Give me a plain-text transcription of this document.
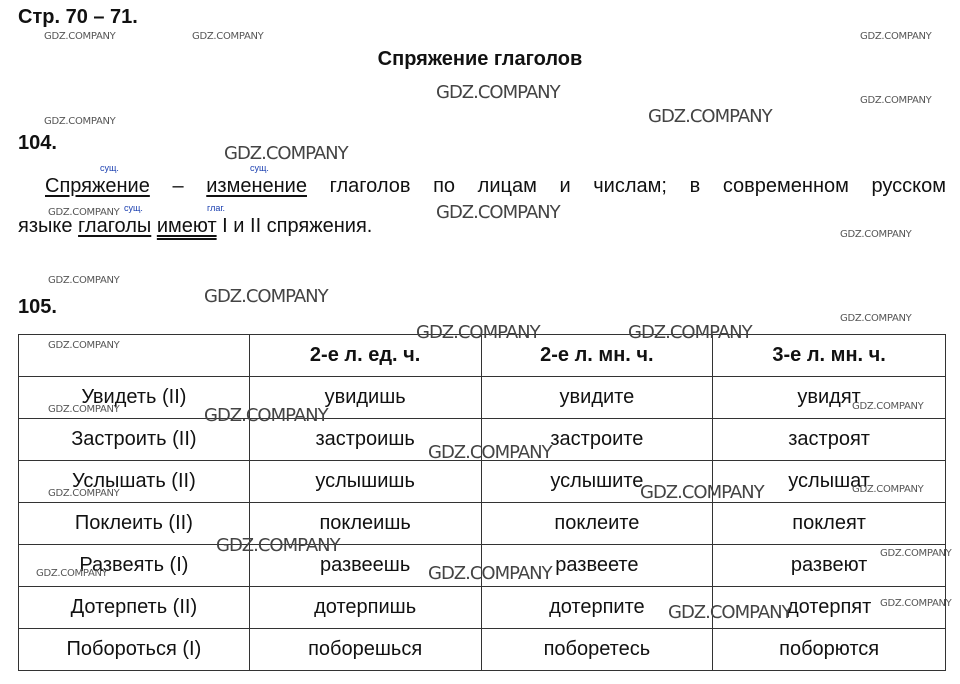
Стр. 70 – 71.
Спряжение глаголов
104.
сущ.	сущ.
сущ.	глаг.
Спряжение – изменение глаголов по лицам и числам; в современном русском
языке глаголы имеют I и II спряжения.
105.
	2-е л. ед. ч.	2-е л. мн. ч.	3-е л. мн. ч.
Увидеть (II)	увидишь	увидите	увидят
Застроить (II)	застроишь	застроите	застроят
Услышать (II)	услышишь	услышите	услышат
Поклеить (II)	поклеишь	поклеите	поклеят
Развеять (I)	развеешь	развеете	развеют
Дотерпеть (II)	дотерпишь	дотерпите	дотерпят
Побороться (I)	поборешься	поборетесь	поборются
GDZ.COMPANY	GDZ.COMPANY	GDZ.COMPANY
GDZ.COMPANY	GDZ.COMPANY
GDZ.COMPANY
GDZ.COMPANY
GDZ.COMPANY
GDZ.COMPANY	GDZ.COMPANY
GDZ.COMPANY
GDZ.COMPANY
GDZ.COMPANY
GDZ.COMPANY
GDZ.COMPANY	GDZ.COMPANY
GDZ.COMPANY
GDZ.COMPANY
GDZ.COMPANY	GDZ.COMPANY
GDZ.COMPANY
GDZ.COMPANY
GDZ.COMPANY	GDZ.COMPANY
GDZ.COMPANY	GDZ.COMPANY
GDZ.COMPANY
GDZ.COMPANY
GDZ.COMPANY
GDZ.COMPANY
